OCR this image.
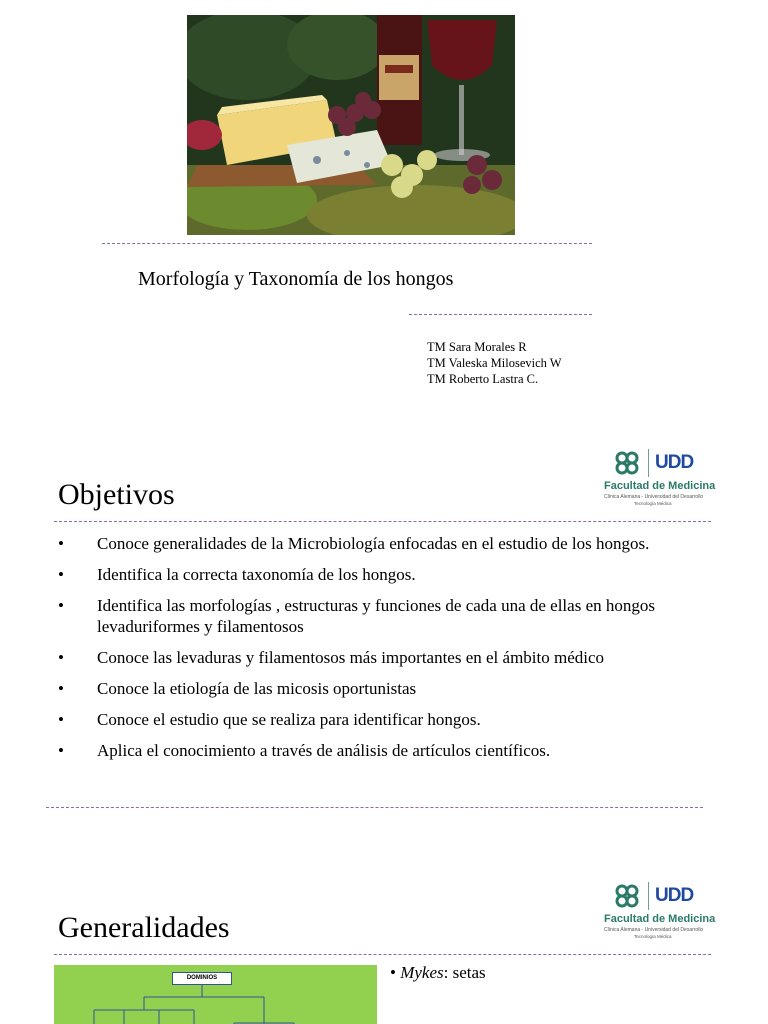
Morfología y Taxonomía de los hongos
TM Sara Morales R
TM Valeska Milosevich W
TM Roberto Lastra C.
UDD
Facultad de Medicina
Clínica Alemana - Universidad del Desarrollo
Tecnología Médica
Objetivos
• Conoce generalidades de la Microbiología enfocadas en el estudio de los hongos.
• Identifica la correcta taxonomía de los hongos.
• Identifica las morfologías , estructuras y funciones de cada una de ellas en hongos levaduriformes y filamentosos
• Conoce las levaduras y filamentosos más importantes en el ámbito médico
• Conoce la etiología de las micosis oportunistas
• Conoce el estudio que se realiza para identificar hongos.
• Aplica el conocimiento a través de análisis de artículos científicos.
UDD
Facultad de Medicina
Clínica Alemana - Universidad del Desarrollo
Tecnología Médica
Generalidades
DOMINIOS	• Mykes: setas
